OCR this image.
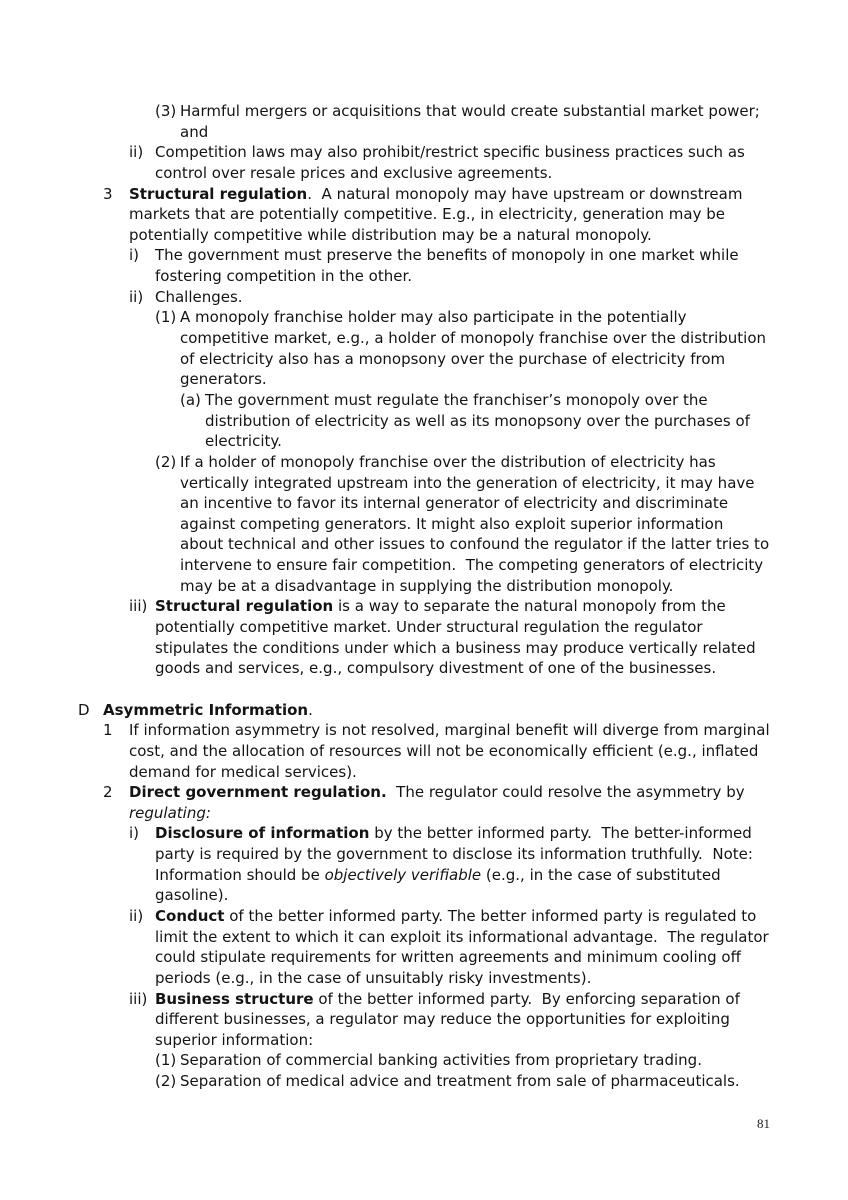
(3) Harmful mergers or acquisitions that would create substantial market power;
and
ii) Competition laws may also prohibit/restrict specific business practices such as
control over resale prices and exclusive agreements.
3 Structural regulation.  A natural monopoly may have upstream or downstream
markets that are potentially competitive. E.g., in electricity, generation may be
potentially competitive while distribution may be a natural monopoly.
i) The government must preserve the benefits of monopoly in one market while
fostering competition in the other.
ii) Challenges.
(1) A monopoly franchise holder may also participate in the potentially
competitive market, e.g., a holder of monopoly franchise over the distribution
of electricity also has a monopsony over the purchase of electricity from
generators.
(a) The government must regulate the franchiser’s monopoly over the
distribution of electricity as well as its monopsony over the purchases of
electricity.
(2) If a holder of monopoly franchise over the distribution of electricity has
vertically integrated upstream into the generation of electricity, it may have
an incentive to favor its internal generator of electricity and discriminate
against competing generators. It might also exploit superior information
about technical and other issues to confound the regulator if the latter tries to
intervene to ensure fair competition.  The competing generators of electricity
may be at a disadvantage in supplying the distribution monopoly.
iii) Structural regulation is a way to separate the natural monopoly from the
potentially competitive market. Under structural regulation the regulator
stipulates the conditions under which a business may produce vertically related
goods and services, e.g., compulsory divestment of one of the businesses.
D Asymmetric Information.
1 If information asymmetry is not resolved, marginal benefit will diverge from marginal
cost, and the allocation of resources will not be economically efficient (e.g., inflated
demand for medical services).
2 Direct government regulation.  The regulator could resolve the asymmetry by
regulating:
i) Disclosure of information by the better informed party.  The better-informed
party is required by the government to disclose its information truthfully.  Note:
Information should be objectively verifiable (e.g., in the case of substituted
gasoline).
ii) Conduct of the better informed party. The better informed party is regulated to
limit the extent to which it can exploit its informational advantage.  The regulator
could stipulate requirements for written agreements and minimum cooling off
periods (e.g., in the case of unsuitably risky investments).
iii) Business structure of the better informed party.  By enforcing separation of
different businesses, a regulator may reduce the opportunities for exploiting
superior information:
(1) Separation of commercial banking activities from proprietary trading.
(2) Separation of medical advice and treatment from sale of pharmaceuticals.
81
